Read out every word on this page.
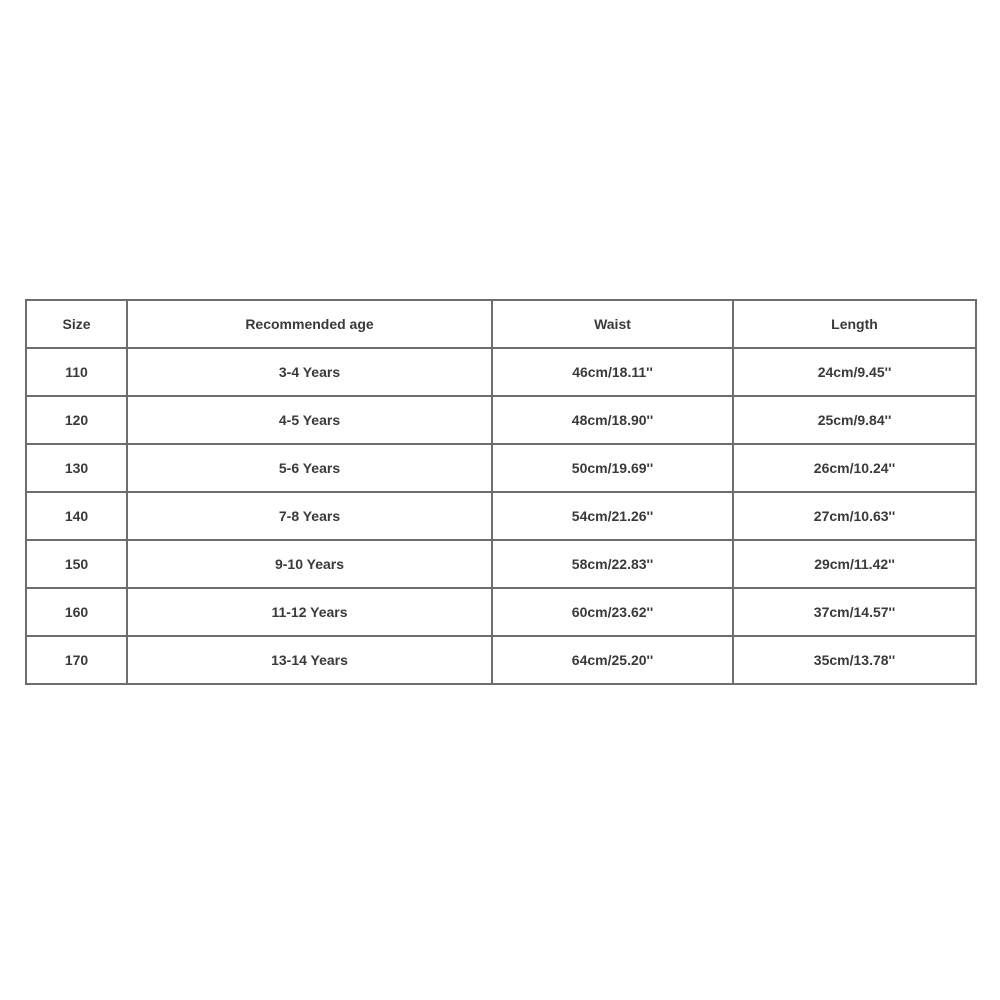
Size	Recommended age	Waist	Length
110	3-4 Years	46cm/18.11''	24cm/9.45''
120	4-5 Years	48cm/18.90''	25cm/9.84''
130	5-6 Years	50cm/19.69''	26cm/10.24''
140	7-8 Years	54cm/21.26''	27cm/10.63''
150	9-10 Years	58cm/22.83''	29cm/11.42''
160	11-12 Years	60cm/23.62''	37cm/14.57''
170	13-14 Years	64cm/25.20''	35cm/13.78''
